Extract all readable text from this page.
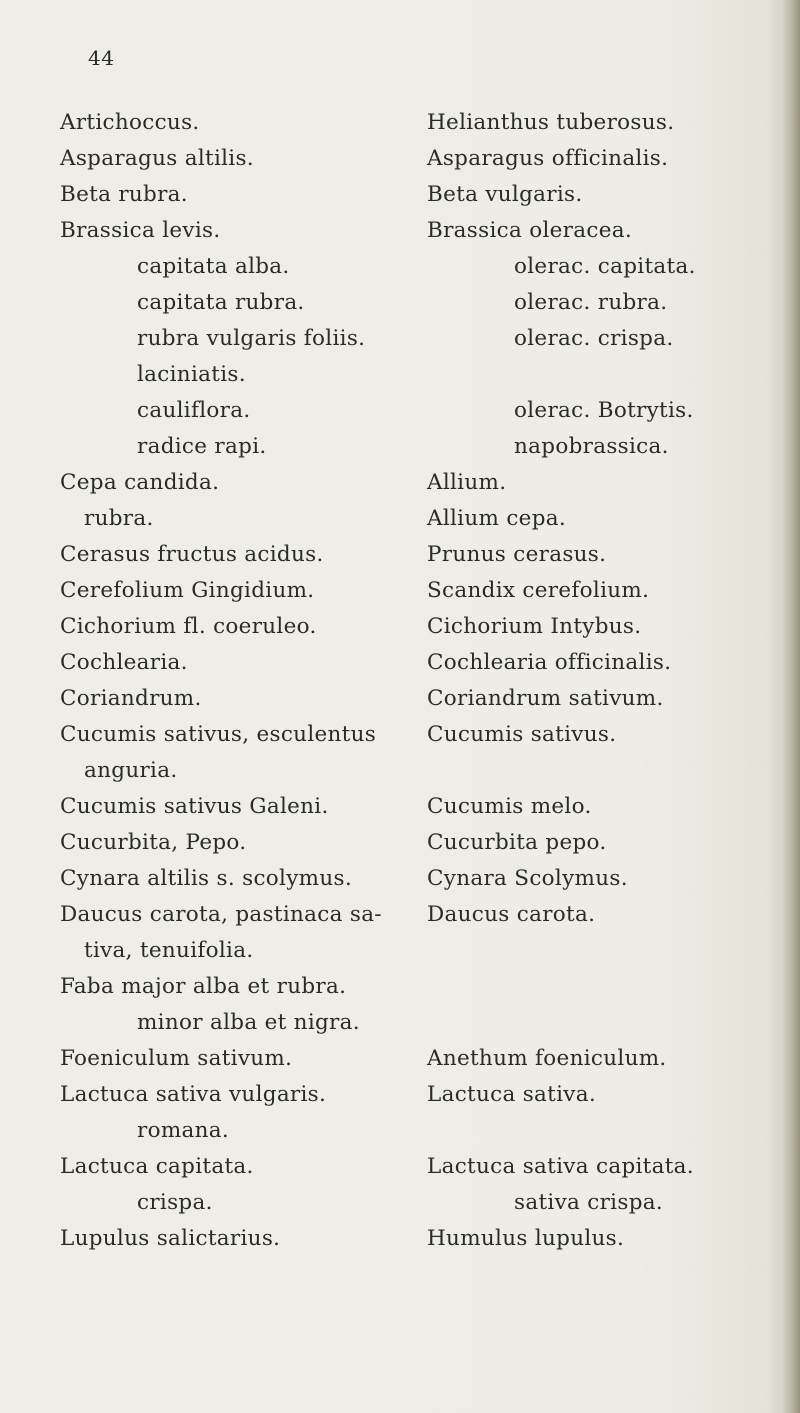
44
Artichoccus.
Asparagus altilis.
Beta rubra.
Brassica levis.
capitata alba.
capitata rubra.
rubra vulgaris foliis.
laciniatis.
cauliflora.
radice rapi.
Cepa candida.
rubra.
Cerasus fructus acidus.
Cerefolium Gingidium.
Cichorium fl. coeruleo.
Cochlearia.
Coriandrum.
Cucumis sativus, esculentus
anguria.
Cucumis sativus Galeni.
Cucurbita, Pepo.
Cynara altilis s. scolymus.
Daucus carota, pastinaca sa-
tiva, tenuifolia.
Faba major alba et rubra.
minor alba et nigra.
Foeniculum sativum.
Lactuca sativa vulgaris.
romana.
Lactuca capitata.
crispa.
Lupulus salictarius.
Helianthus tuberosus.
Asparagus officinalis.
Beta vulgaris.
Brassica oleracea.
olerac. capitata.
olerac. rubra.
olerac. crispa.
olerac. Botrytis.
napobrassica.
Allium.
Allium cepa.
Prunus cerasus.
Scandix cerefolium.
Cichorium Intybus.
Cochlearia officinalis.
Coriandrum sativum.
Cucumis sativus.
Cucumis melo.
Cucurbita pepo.
Cynara Scolymus.
Daucus carota.
Anethum foeniculum.
Lactuca sativa.
Lactuca sativa capitata.
sativa crispa.
Humulus lupulus.
